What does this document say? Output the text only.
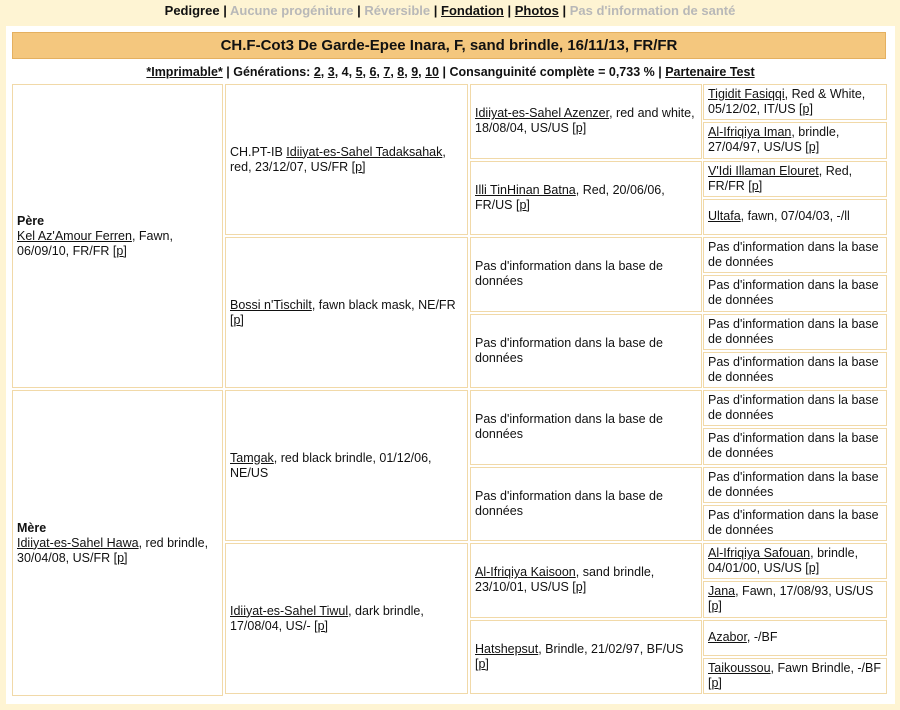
Pedigree | Aucune progéniture | Réversible | Fondation | Photos | Pas d'information de santé
CH.F-Cot3 De Garde-Epee Inara, F, sand brindle, 16/11/13, FR/FR
*Imprimable* | Générations: 2, 3, 4, 5, 6, 7, 8, 9, 10 | Consanguinité complète = 0,733 % | Partenaire Test
Père
Kel Az'Amour Ferren, Fawn, 06/09/10, FR/FR [p]
Mère
Idiiyat-es-Sahel Hawa, red brindle, 30/04/08, US/FR [p]
CH.PT-IB Idiiyat-es-Sahel Tadaksahak, red, 23/12/07, US/FR [p]
Bossi n'Tischilt, fawn black mask, NE/FR [p]
Tamgak, red black brindle, 01/12/06, NE/US
Idiiyat-es-Sahel Tiwul, dark brindle, 17/08/04, US/- [p]
Idiiyat-es-Sahel Azenzer, red and white, 18/08/04, US/US [p]
Illi TinHinan Batna, Red, 20/06/06, FR/US [p]
Pas d'information dans la base de données
Pas d'information dans la base de données
Pas d'information dans la base de données
Pas d'information dans la base de données
Al-Ifriqiya Kaisoon, sand brindle, 23/10/01, US/US [p]
Hatshepsut, Brindle, 21/02/97, BF/US [p]
Tigidit Fasiqqi, Red & White, 05/12/02, IT/US [p]
Al-Ifriqiya Iman, brindle, 27/04/97, US/US [p]
V'Idi Illaman Elouret, Red, FR/FR [p]
Ultafa, fawn, 07/04/03, -/ll
Pas d'information dans la base de données
Pas d'information dans la base de données
Pas d'information dans la base de données
Pas d'information dans la base de données
Pas d'information dans la base de données
Pas d'information dans la base de données
Pas d'information dans la base de données
Pas d'information dans la base de données
Al-Ifriqiya Safouan, brindle, 04/01/00, US/US [p]
Jana, Fawn, 17/08/93, US/US [p]
Azabor, -/BF
Taikoussou, Fawn Brindle, -/BF [p]
